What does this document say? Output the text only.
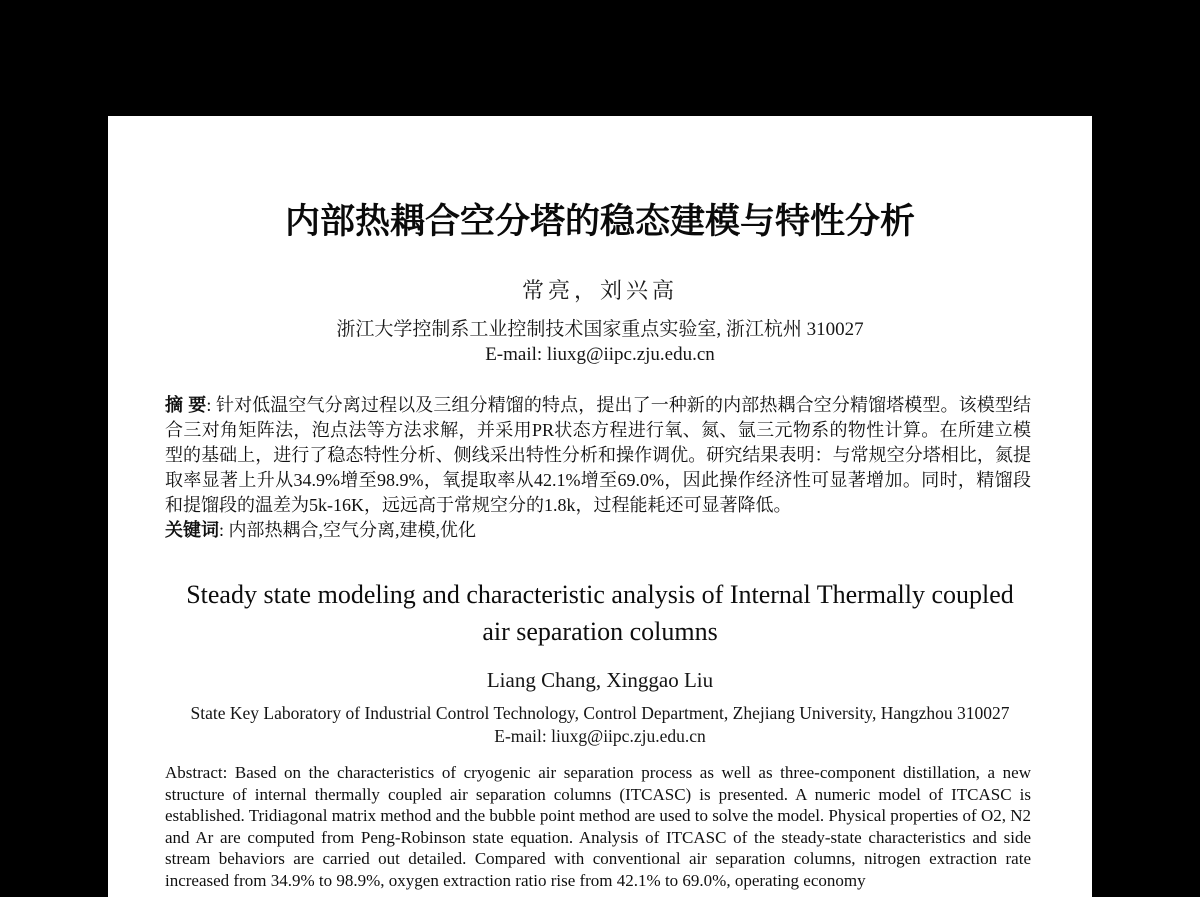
内部热耦合空分塔的稳态建模与特性分析
常亮，刘兴高
浙江大学控制系工业控制技术国家重点实验室, 浙江杭州 310027
E-mail: liuxg@iipc.zju.edu.cn

摘 要: 针对低温空气分离过程以及三组分精馏的特点，提出了一种新的内部热耦合空分精馏塔模型。该模型结合三对角矩阵法，泡点法等方法求解，并采用PR状态方程进行氧、氮、氩三元物系的物性计算。在所建立模型的基础上，进行了稳态特性分析、侧线采出特性分析和操作调优。研究结果表明：与常规空分塔相比，氮提取率显著上升从34.9%增至98.9%，氧提取率从42.1%增至69.0%，因此操作经济性可显著增加。同时，精馏段和提馏段的温差为5k-16K，远远高于常规空分的1.8k，过程能耗还可显著降低。

关键词: 内部热耦合,空气分离,建模,优化

Steady state modeling and characteristic analysis of Internal Thermally coupled
air separation columns
Liang Chang, Xinggao Liu
State Key Laboratory of Industrial Control Technology, Control Department, Zhejiang University, Hangzhou 310027
E-mail: liuxg@iipc.zju.edu.cn
Abstract: Based on the characteristics of cryogenic air separation process as well as three-component distillation, a new structure of internal thermally coupled air separation columns (ITCASC) is presented. A numeric model of ITCASC is established. Tridiagonal matrix method and the bubble point method are used to solve the model. Physical properties of O2, N2 and Ar are computed from Peng-Robinson state equation. Analysis of ITCASC of the steady-state characteristics and side stream behaviors are carried out detailed. Compared with conventional air separation columns, nitrogen extraction rate increased from 34.9% to 98.9%, oxygen extraction ratio rise from 42.1% to 69.0%, operating economy
